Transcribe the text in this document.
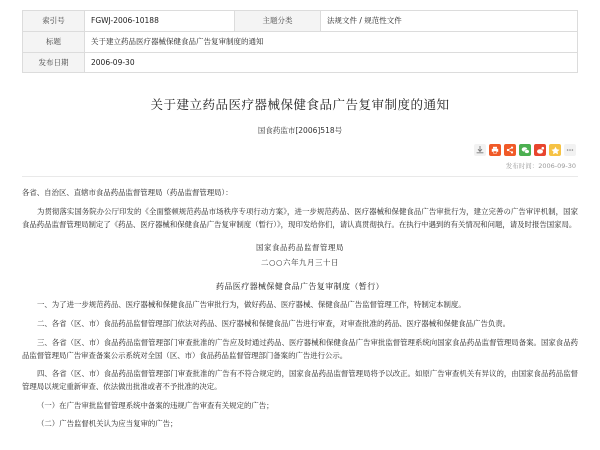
索引号	FGWJ-2006-10188	主题分类	法规文件 / 规范性文件
标题	关于建立药品医疗器械保健食品广告复审制度的通知		
发布日期	2006-09-30		
关于建立药品医疗器械保健食品广告复审制度的通知
国食药监市[2006]518号
发布时间：2006-09-30

各省、自治区、直辖市食品药品监督管理局（药品监督管理局）：

为贯彻落实国务院办公厅印发的《全面整顿规范药品市场秩序专项行动方案》，进一步规范药品、医疗器械和保健食品广告审批行为，建立完善の广告审评机制，国家食品药品监督管理局制定了《药品、医疗器械和保健食品广告复审制度（暂行）》，现印发给你们，请认真贯彻执行。在执行中遇到的有关情况和问题，请及时报告国家局。

国家食品药品监督管理局
二○○六年九月三十日
药品医疗器械保健食品广告复审制度（暂行）

一、为了进一步规范药品、医疗器械和保健食品广告审批行为，做好药品、医疗器械、保健食品广告监督管理工作，特制定本制度。

二、各省（区、市）食品药品监督管理部门依法对药品、医疗器械和保健食品广告进行审查，对审查批准的药品、医疗器械和保健食品广告负责。

三、各省（区、市）食品药品监督管理部门审查批准的广告应及时通过药品、医疗器械和保健食品广告审批监督管理系统向国家食品药品监督管理局备案。国家食品药品监督管理局广告审查备案公示系统对全国（区、市）食品药品监督管理部门备案的广告进行公示。

四、各省（区、市）食品药品监督管理部门审查批准的广告有不符合规定的，国家食品药品监督管理局将予以改正。如原广告审查机关有异议的，由国家食品药品监督管理局以规定重新审查、依法做出批准或者不予批准的决定。

（一）在广告审批监督管理系统中备案的违规广告审查有关规定的广告；

（二）广告监督机关认为应当复审的广告；
